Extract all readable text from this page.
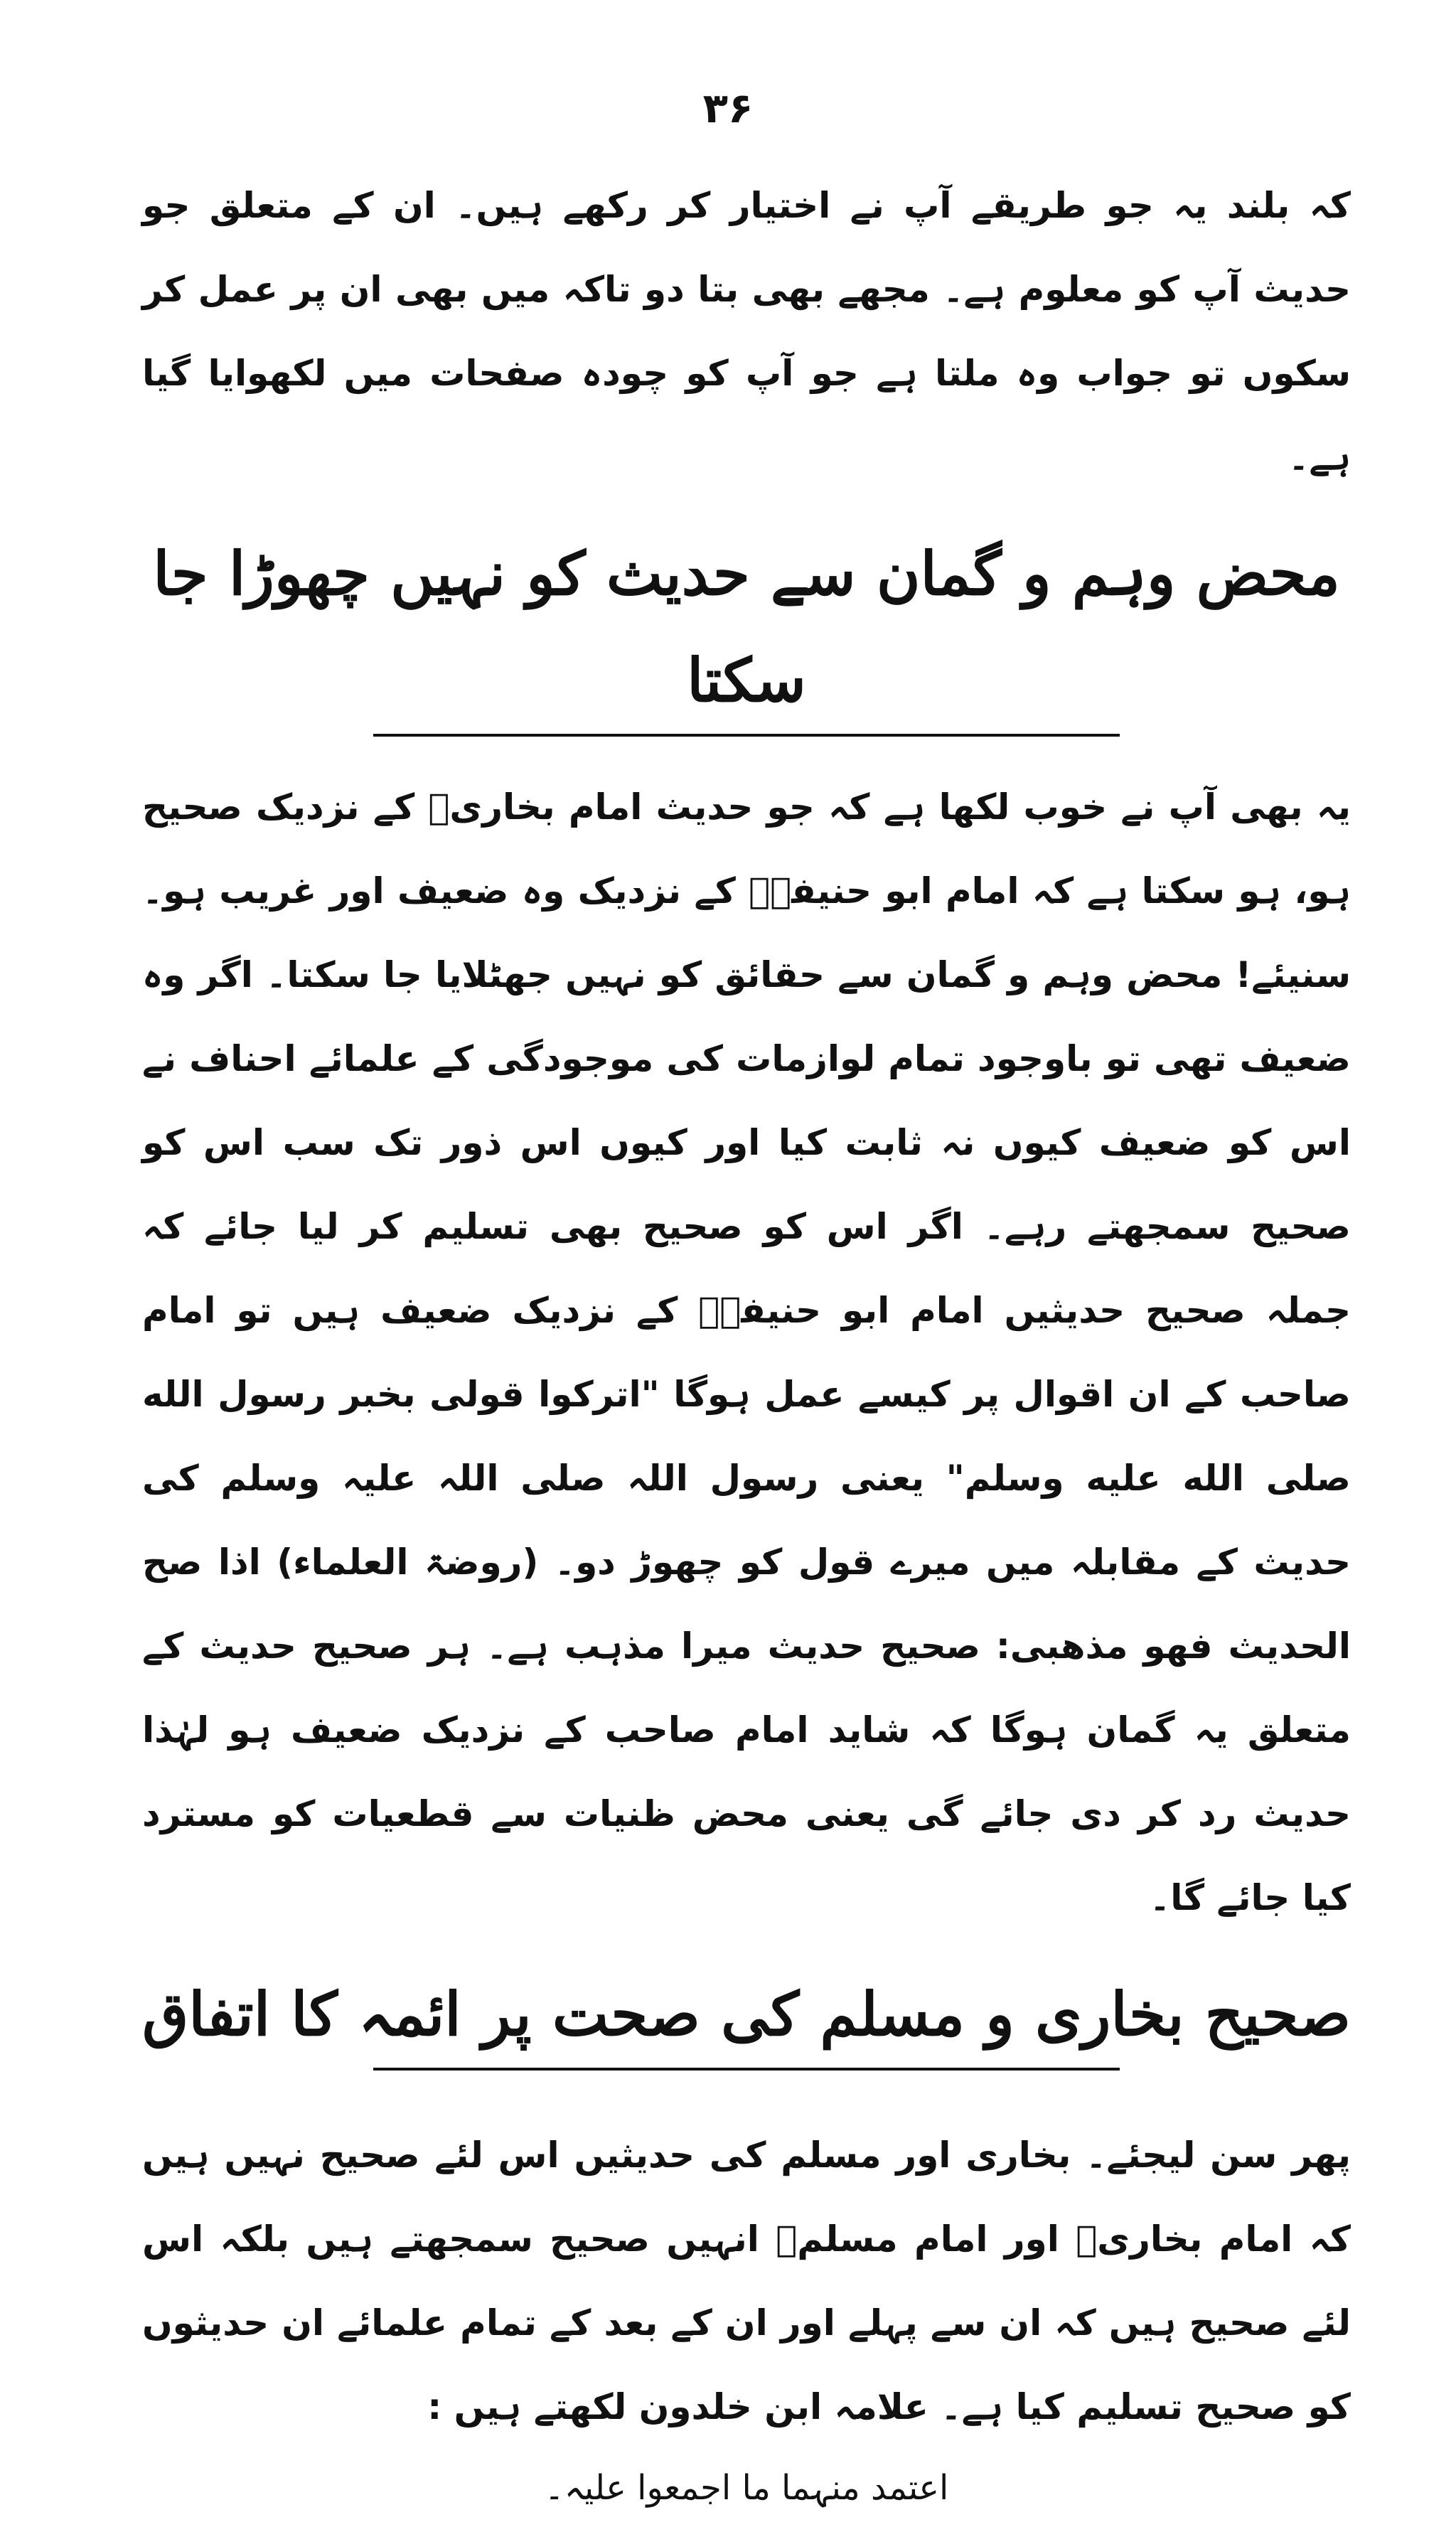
۳۶

کہ بلند یہ جو طریقے آپ نے اختیار کر رکھے ہیں۔ ان کے متعلق جو حدیث آپ کو معلوم ہے۔ مجھے بھی بتا دو تاکہ میں بھی ان پر عمل کر سکوں تو جواب وہ ملتا ہے جو آپ کو چودہ صفحات میں لکھوایا گیا ہے۔

محض وہم و گمان سے حدیث کو نہیں چھوڑا جا سکتا

یہ بھی آپ نے خوب لکھا ہے کہ جو حدیث امام بخاریؒ کے نزدیک صحیح ہو، ہو سکتا ہے کہ امام ابو حنیفہؒ کے نزدیک وہ ضعیف اور غریب ہو۔ سنیئے! محض وہم و گمان سے حقائق کو نہیں جھٹلایا جا سکتا۔ اگر وہ ضعیف تھی تو باوجود تمام لوازمات کی موجودگی کے علمائے احناف نے اس کو ضعیف کیوں نہ ثابت کیا اور کیوں اس ذور تک سب اس کو صحیح سمجھتے رہے۔ اگر اس کو صحیح بھی تسلیم کر لیا جائے کہ جملہ صحیح حدیثیں امام ابو حنیفہؒ کے نزدیک ضعیف ہیں تو امام صاحب کے ان اقوال پر کیسے عمل ہوگا "اترکوا قولی بخبر رسول الله صلی الله علیه وسلم" یعنی رسول اللہ صلی اللہ علیہ وسلم کی حدیث کے مقابلہ میں میرے قول کو چھوڑ دو۔ (روضۃ العلماء) اذا صح الحدیث فھو مذھبی: صحیح حدیث میرا مذہب ہے۔ ہر صحیح حدیث کے متعلق یہ گمان ہوگا کہ شاید امام صاحب کے نزدیک ضعیف ہو لہٰذا حدیث رد کر دی جائے گی یعنی محض ظنیات سے قطعیات کو مسترد کیا جائے گا۔

صحیح بخاری و مسلم کی صحت پر ائمہ کا اتفاق

پھر سن لیجئے۔ بخاری اور مسلم کی حدیثیں اس لئے صحیح نہیں ہیں کہ امام بخاریؒ اور امام مسلمؒ انہیں صحیح سمجھتے ہیں بلکہ اس لئے صحیح ہیں کہ ان سے پہلے اور ان کے بعد کے تمام علمائے ان حدیثوں کو صحیح تسلیم کیا ہے۔ علامہ ابن خلدون لکھتے ہیں :

اعتمد منہما ما اجمعوا علیہ۔
